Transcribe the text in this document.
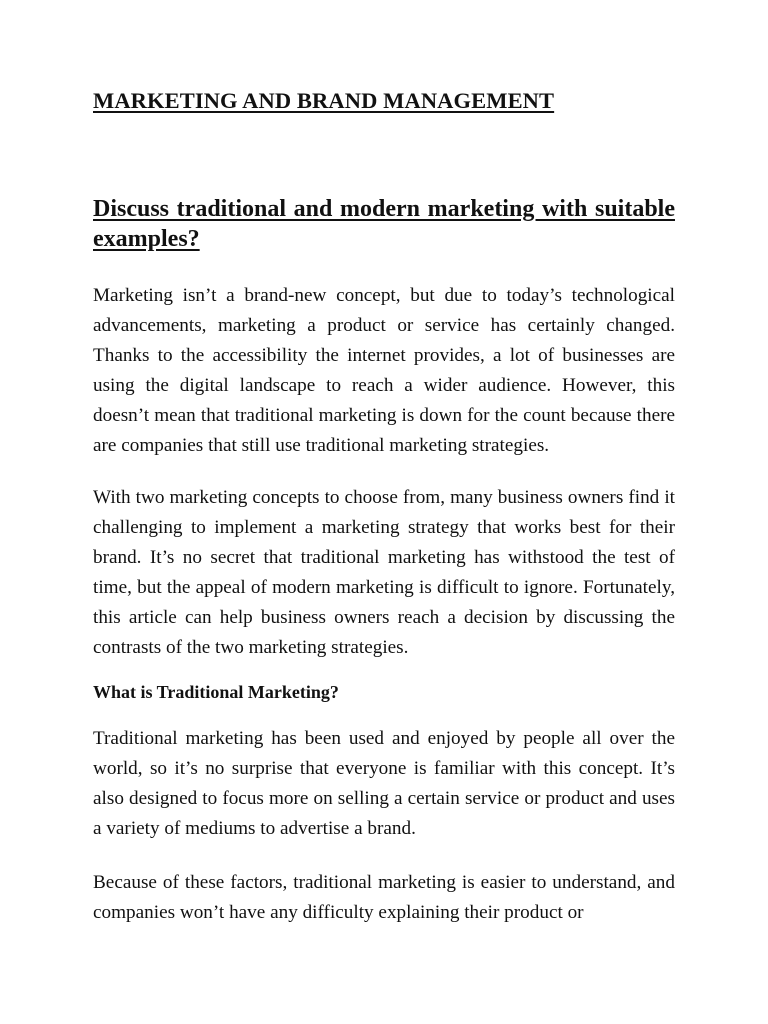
MARKETING AND BRAND MANAGEMENT
Discuss traditional and modern marketing with suitable examples?

Marketing isn’t a brand-new concept, but due to today’s technological advancements, marketing a product or service has certainly changed. Thanks to the accessibility the internet provides, a lot of businesses are using the digital landscape to reach a wider audience. However, this doesn’t mean that traditional marketing is down for the count because there are companies that still use traditional marketing strategies.

With two marketing concepts to choose from, many business owners find it challenging to implement a marketing strategy that works best for their brand. It’s no secret that traditional marketing has withstood the test of time, but the appeal of modern marketing is difficult to ignore. Fortunately, this article can help business owners reach a decision by discussing the contrasts of the two marketing strategies.

What is Traditional Marketing?

Traditional marketing has been used and enjoyed by people all over the world, so it’s no surprise that everyone is familiar with this concept. It’s also designed to focus more on selling a certain service or product and uses a variety of mediums to advertise a brand.

Because of these factors, traditional marketing is easier to understand, and companies won’t have any difficulty explaining their product or
